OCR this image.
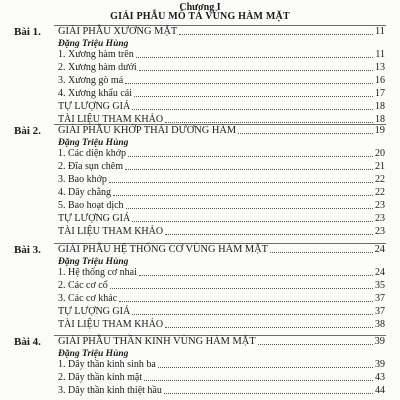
Chương I
GIẢI PHẪU MÔ TẢ VÙNG HÀM MẶT
Bài 1. GIẢI PHẪU XƯƠNG MẶT	11
Đặng Triệu Hùng
1. Xương hàm trên	11
2. Xương hàm dưới	13
3. Xương gò má	16
4. Xương khẩu cái	17
TỰ LƯỢNG GIÁ	18
TÀI LIỆU THAM KHẢO	18
Bài 2. GIẢI PHẪU KHỚP THÁI DƯƠNG HÀM	19
Đặng Triệu Hùng
1. Các diện khớp	20
2. Đĩa sụn chêm	21
3. Bao khớp	22
4. Dây chằng	22
5. Bao hoạt dịch	23
TỰ LƯỢNG GIÁ	23
TÀI LIỆU THAM KHẢO	23
Bài 3. GIẢI PHẪU HỆ THỐNG CƠ VÙNG HÀM MẶT	24
Đặng Triệu Hùng
1. Hệ thống cơ nhai	24
2. Các cơ cổ	35
3. Các cơ khác	37
TỰ LƯỢNG GIÁ	37
TÀI LIỆU THAM KHẢO	38
Bài 4. GIẢI PHẪU THẦN KINH VÙNG HÀM MẶT	39
Đặng Triệu Hùng
1. Dây thần kinh sinh ba	39
2. Dây thần kinh mặt	43
3. Dây thần kinh thiệt hầu	44
